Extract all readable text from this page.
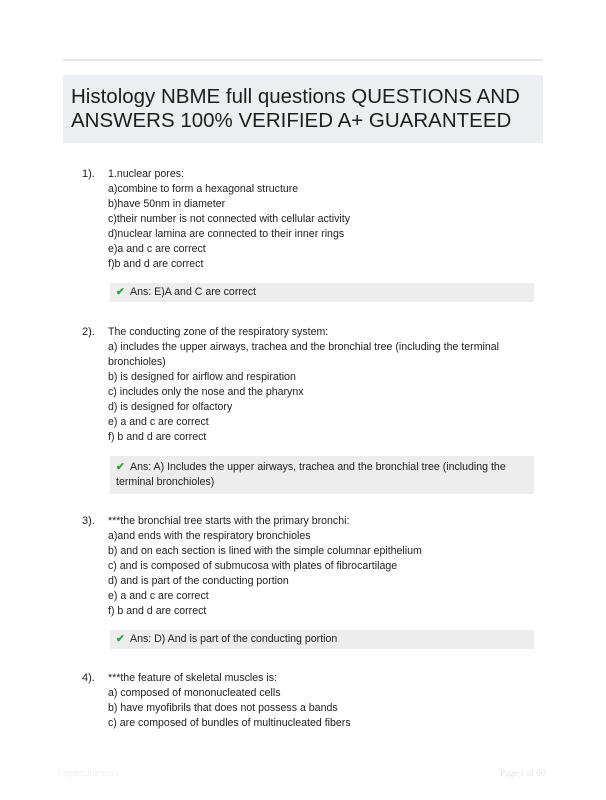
Histology NBME full questions QUESTIONS AND ANSWERS 100% VERIFIED A+ GUARANTEED
1). 1.nuclear pores:
a)combine to form a hexagonal structure
b)have 50nm in diameter
c)their number is not connected with cellular activity
d)nuclear lamina are connected to their inner rings
e)a and c are correct
f)b and d are correct
✔ Ans: E)A and C are correct
2). The conducting zone of the respiratory system:
a) includes the upper airways, trachea and the bronchial tree (including the terminal
bronchioles)
b) is designed for airflow and respiration
c) includes only the nose and the pharynx
d) is designed for olfactory
e) a and c are correct
f) b and d are correct
✔ Ans: A) Includes the upper airways, trachea and the bronchial tree (including the terminal bronchioles)
3). ***the bronchial tree starts with the primary bronchi:
a)and ends with the respiratory bronchioles
b) and on each section is lined with the simple columnar epithelium
c) and is composed of submucosa with plates of fibrocartilage
d) and is part of the conducting portion
e) a and c are correct
f) b and d are correct
✔ Ans: D) And is part of the conducting portion
4). ***the feature of skeletal muscles is:
a) composed of mononucleated cells
b) have myofibrils that does not possess a bands
c) are composed of bundles of multinucleated fibers
Papertutor.com	Page 1 of 60
